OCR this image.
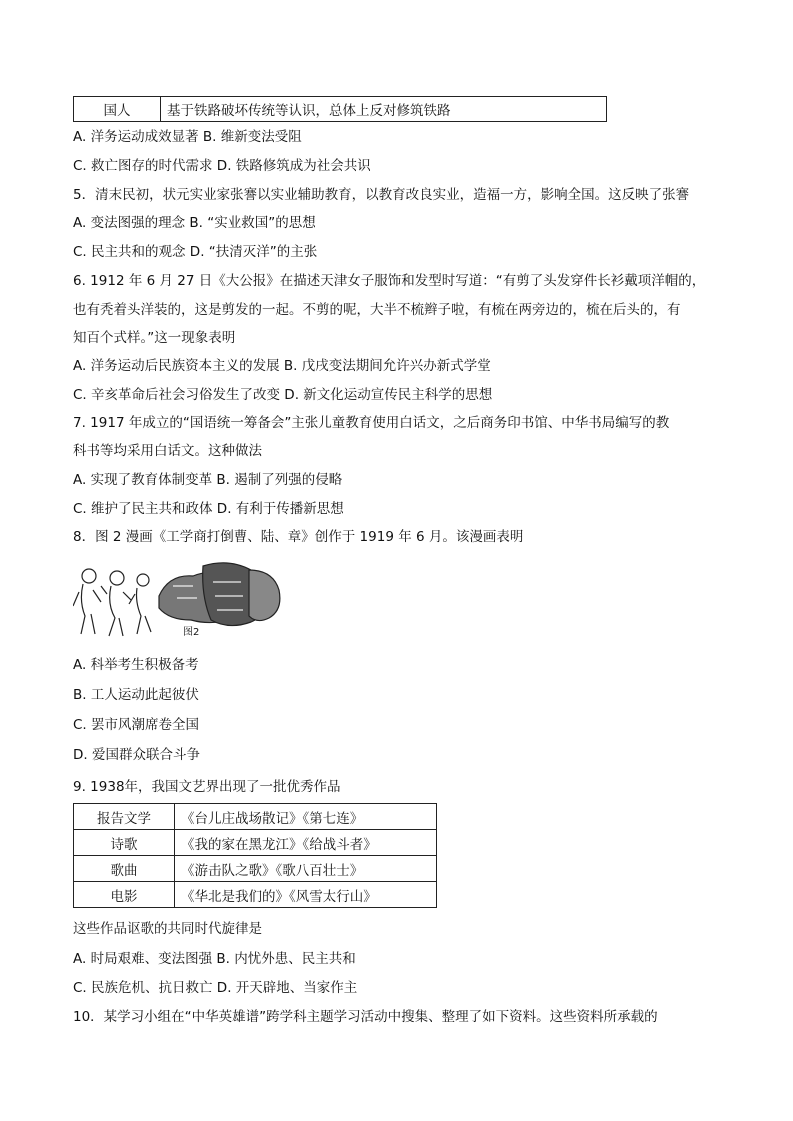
国人	基于铁路破坏传统等认识，总体上反对修筑铁路
A. 洋务运动成效显著 B. 维新变法受阻
C. 救亡图存的时代需求 D. 铁路修筑成为社会共识
5．清末民初，状元实业家张謇以实业辅助教育，以教育改良实业，造福一方，影响全国。这反映了张謇
A. 变法图强的理念 B. “实业救国”的思想
C. 民主共和的观念 D. “扶清灭洋”的主张
6. 1912 年 6 月 27 日《大公报》在描述天津女子服饰和发型时写道：“有剪了头发穿件长衫戴项洋帽的，
也有秃着头洋装的，这是剪发的一起。不剪的呢，大半不梳辫子啦，有梳在两旁边的，梳在后头的，有
知百个式样。”这一现象表明
A. 洋务运动后民族资本主义的发展 B. 戊戌变法期间允许兴办新式学堂
C. 辛亥革命后社会习俗发生了改变 D. 新文化运动宣传民主科学的思想
7. 1917 年成立的“国语统一筹备会”主张儿童教育使用白话文，之后商务印书馆、中华书局编写的教
科书等均采用白话文。这种做法
A. 实现了教育体制变革 B. 遏制了列强的侵略
C. 维护了民主共和政体 D. 有利于传播新思想
8．图 2 漫画《工学商打倒曹、陆、章》创作于 1919 年 6 月。该漫画表明
图2
A. 科举考生积极备考
B. 工人运动此起彼伏
C. 罢市风潮席卷全国
D. 爱国群众联合斗争
9. 1938年，我国文艺界出现了一批优秀作品
报告文学	《台儿庄战场散记》《第七连》
诗歌	《我的家在黑龙江》《给战斗者》
歌曲	《游击队之歌》《歌八百壮士》
电影	《华北是我们的》《风雪太行山》
这些作品讴歌的共同时代旋律是
A. 时局艰难、变法图强 B. 内忧外患、民主共和
C. 民族危机、抗日救亡 D. 开天辟地、当家作主
10．某学习小组在“中华英雄谱”跨学科主题学习活动中搜集、整理了如下资料。这些资料所承载的
